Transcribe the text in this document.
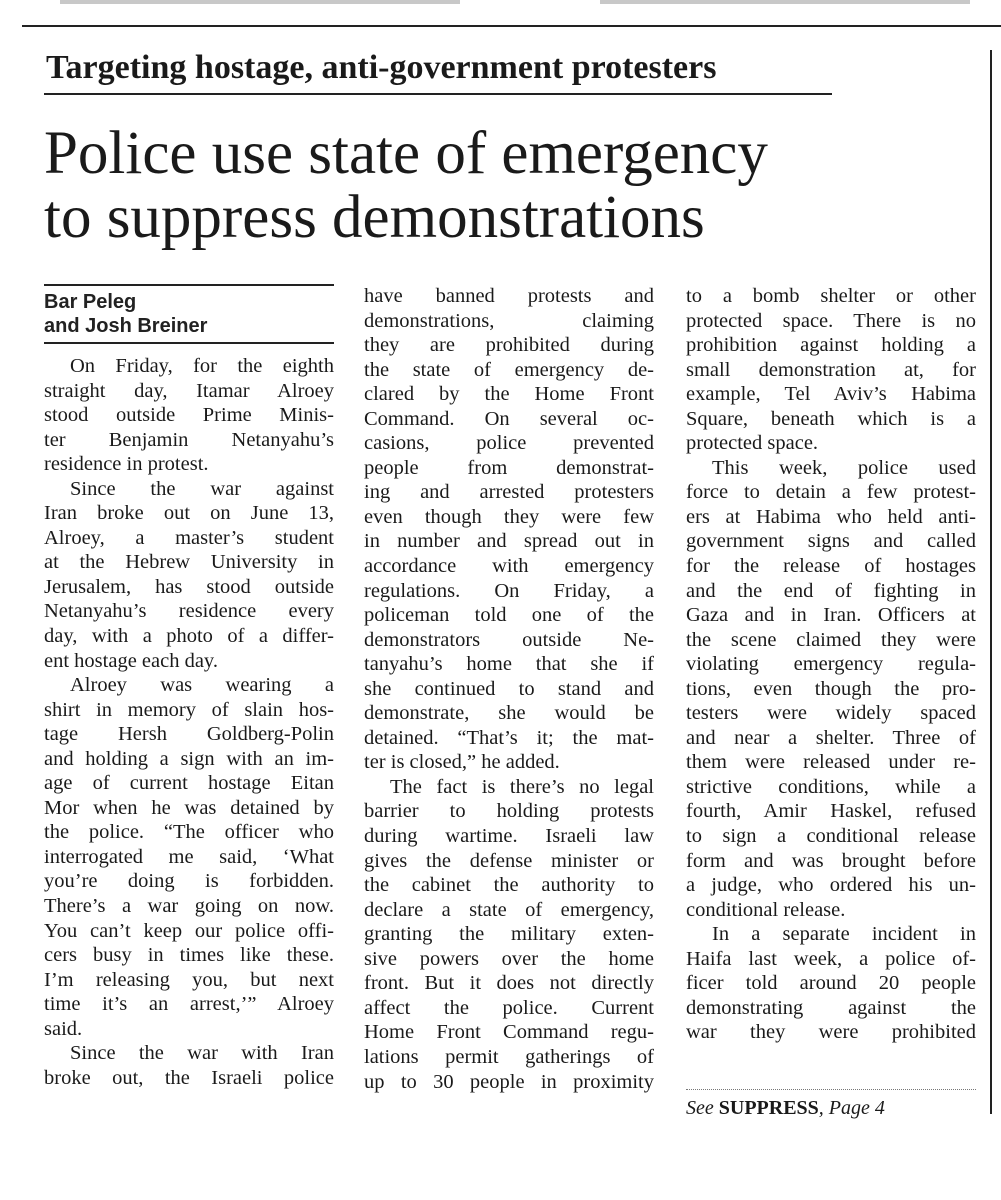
Targeting hostage, anti-government protesters
Police use state of emergency
to suppress demonstrations
Bar Peleg
and Josh Breiner
On Friday, for the eighth
straight day, Itamar Alroey
stood outside Prime Minis-
ter Benjamin Netanyahu’s
residence in protest.
Since the war against
Iran broke out on June 13,
Alroey, a master’s student
at the Hebrew University in
Jerusalem, has stood outside
Netanyahu’s residence every
day, with a photo of a differ-
ent hostage each day.
Alroey was wearing a
shirt in memory of slain hos-
tage Hersh Goldberg-Polin
and holding a sign with an im-
age of current hostage Eitan
Mor when he was detained by
the police. “The officer who
interrogated me said, ‘What
you’re doing is forbidden.
There’s a war going on now.
You can’t keep our police offi-
cers busy in times like these.
I’m releasing you, but next
time it’s an arrest,’” Alroey
said.
Since the war with Iran
broke out, the Israeli police
have banned protests and
demonstrations, claiming
they are prohibited during
the state of emergency de-
clared by the Home Front
Command. On several oc-
casions, police prevented
people from demonstrat-
ing and arrested protesters
even though they were few
in number and spread out in
accordance with emergency
regulations. On Friday, a
policeman told one of the
demonstrators outside Ne-
tanyahu’s home that she if
she continued to stand and
demonstrate, she would be
detained. “That’s it; the mat-
ter is closed,” he added.
The fact is there’s no legal
barrier to holding protests
during wartime. Israeli law
gives the defense minister or
the cabinet the authority to
declare a state of emergency,
granting the military exten-
sive powers over the home
front. But it does not directly
affect the police. Current
Home Front Command regu-
lations permit gatherings of
up to 30 people in proximity
to a bomb shelter or other
protected space. There is no
prohibition against holding a
small demonstration at, for
example, Tel Aviv’s Habima
Square, beneath which is a
protected space.
This week, police used
force to detain a few protest-
ers at Habima who held anti-
government signs and called
for the release of hostages
and the end of fighting in
Gaza and in Iran. Officers at
the scene claimed they were
violating emergency regula-
tions, even though the pro-
testers were widely spaced
and near a shelter. Three of
them were released under re-
strictive conditions, while a
fourth, Amir Haskel, refused
to sign a conditional release
form and was brought before
a judge, who ordered his un-
conditional release.
In a separate incident in
Haifa last week, a police of-
ficer told around 20 people
demonstrating against the
war they were prohibited
See SUPPRESS, Page 4
